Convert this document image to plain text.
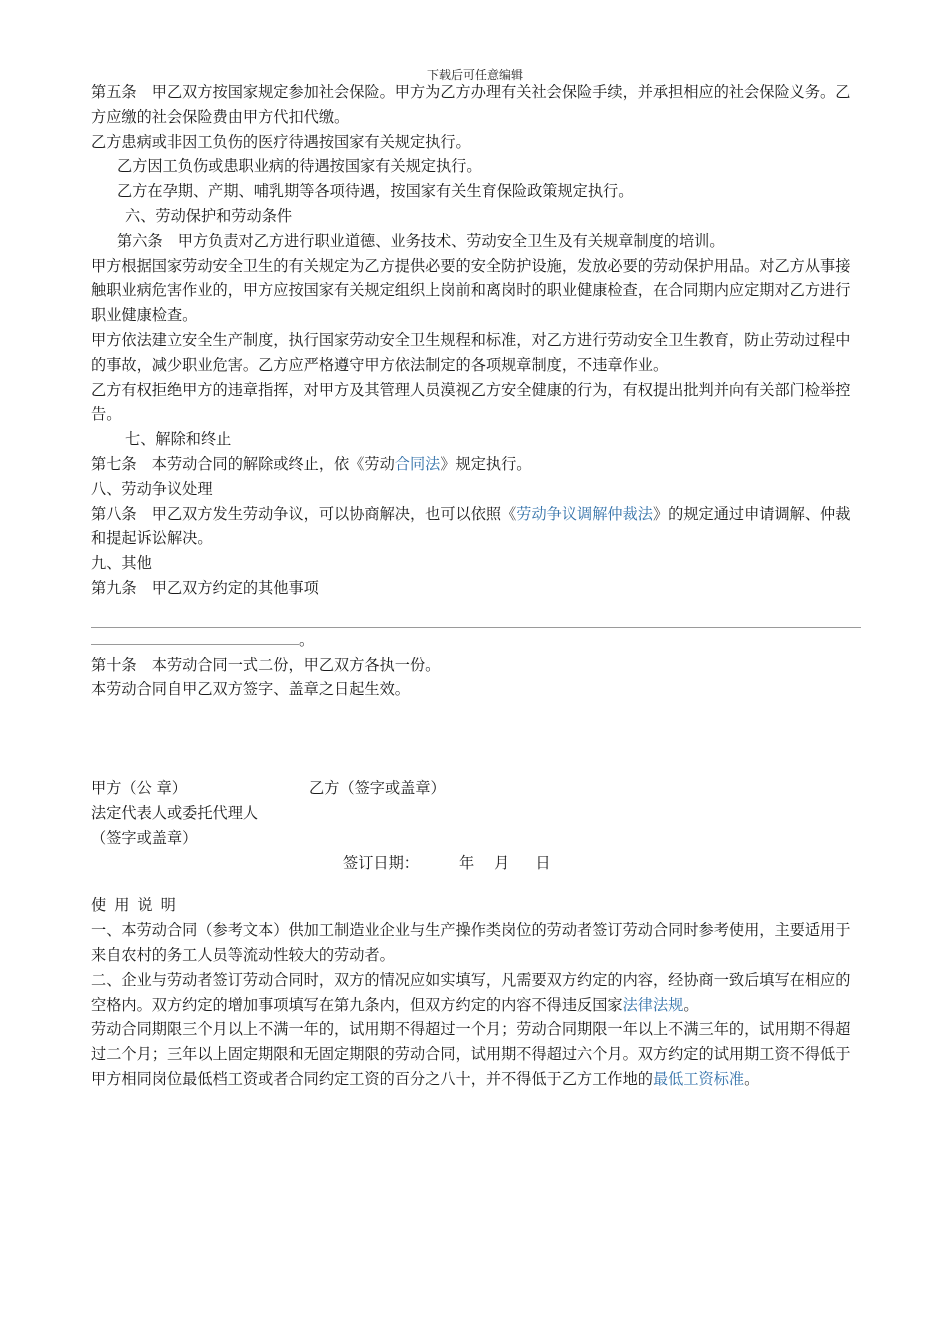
下载后可任意编辑

第五条　甲乙双方按国家规定参加社会保险。甲方为乙方办理有关社会保险手续，并承担相应的社会保险义务。乙方应缴的社会保险费由甲方代扣代缴。

乙方患病或非因工负伤的医疗待遇按国家有关规定执行。

乙方因工负伤或患职业病的待遇按国家有关规定执行。

乙方在孕期、产期、哺乳期等各项待遇，按国家有关生育保险政策规定执行。

六、劳动保护和劳动条件

第六条　甲方负责对乙方进行职业道德、业务技术、劳动安全卫生及有关规章制度的培训。

甲方根据国家劳动安全卫生的有关规定为乙方提供必要的安全防护设施，发放必要的劳动保护用品。对乙方从事接触职业病危害作业的，甲方应按国家有关规定组织上岗前和离岗时的职业健康检查，在合同期内应定期对乙方进行职业健康检查。

甲方依法建立安全生产制度，执行国家劳动安全卫生规程和标准，对乙方进行劳动安全卫生教育，防止劳动过程中的事故，减少职业危害。乙方应严格遵守甲方依法制定的各项规章制度，不违章作业。

乙方有权拒绝甲方的违章指挥，对甲方及其管理人员漠视乙方安全健康的行为，有权提出批判并向有关部门检举控告。

七、解除和终止

第七条　本劳动合同的解除或终止，依《劳动合同法》规定执行。

八、劳动争议处理

第八条　甲乙双方发生劳动争议，可以协商解决，也可以依照《劳动争议调解仲裁法》的规定通过申请调解、仲裁和提起诉讼解决。

九、其他

第九条　甲乙双方约定的其他事项

。

第十条　本劳动合同一式二份，甲乙双方各执一份。

本劳动合同自甲乙双方签字、盖章之日起生效。

甲方（公 章）	乙方（签字或盖章）

法定代表人或委托代理人

（签字或盖章）

签订日期：	年 月 日

使用说明

一、本劳动合同（参考文本）供加工制造业企业与生产操作类岗位的劳动者签订劳动合同时参考使用，主要适用于来自农村的务工人员等流动性较大的劳动者。

二、企业与劳动者签订劳动合同时，双方的情况应如实填写，凡需要双方约定的内容，经协商一致后填写在相应的空格内。双方约定的增加事项填写在第九条内，但双方约定的内容不得违反国家法律法规。

劳动合同期限三个月以上不满一年的，试用期不得超过一个月；劳动合同期限一年以上不满三年的，试用期不得超过二个月；三年以上固定期限和无固定期限的劳动合同，试用期不得超过六个月。双方约定的试用期工资不得低于甲方相同岗位最低档工资或者合同约定工资的百分之八十，并不得低于乙方工作地的最低工资标准。
